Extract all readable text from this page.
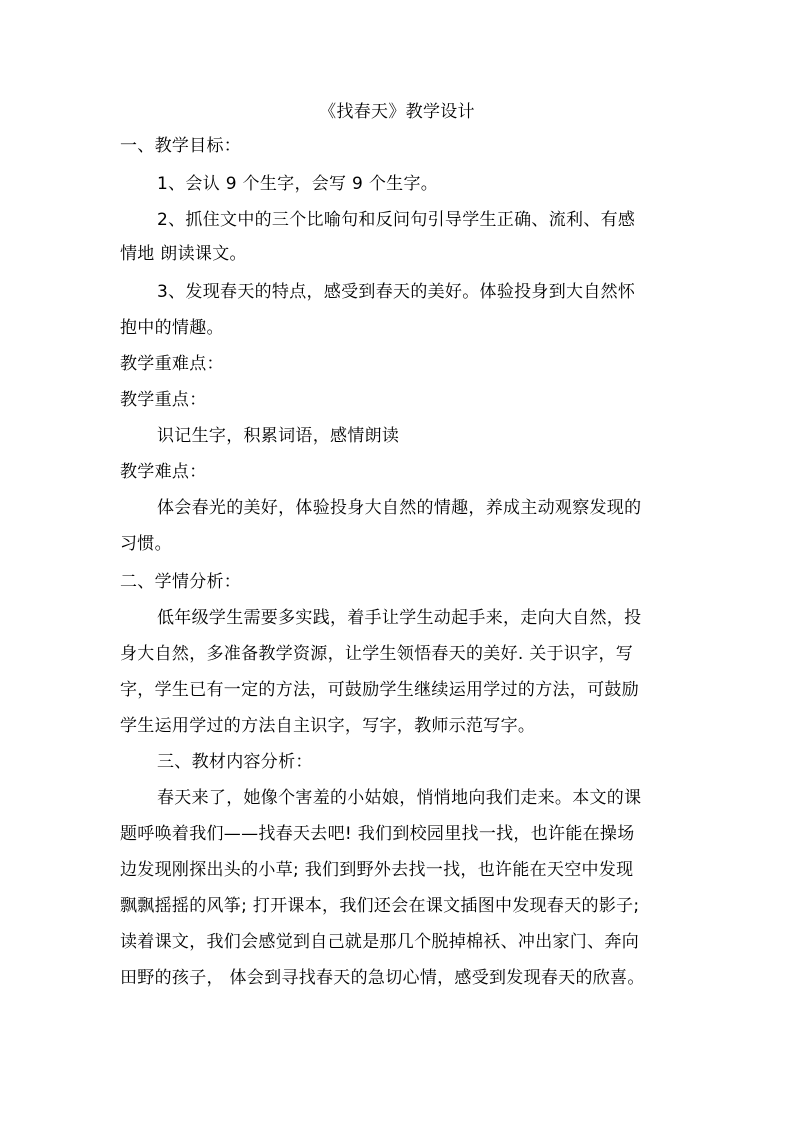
《找春天》教学设计
一、教学目标：
1、会认 9 个生字，会写 9 个生字。
2、抓住文中的三个比喻句和反问句引导学生正确、流利、有感
情地 朗读课文。
3、发现春天的特点，感受到春天的美好。体验投身到大自然怀
抱中的情趣。
教学重难点：
教学重点：
识记生字，积累词语，感情朗读
教学难点：
体会春光的美好，体验投身大自然的情趣，养成主动观察发现的
习惯。
二、学情分析：
低年级学生需要多实践，着手让学生动起手来，走向大自然，投
身大自然，多准备教学资源，让学生领悟春天的美好. 关于识字，写
字，学生已有一定的方法，可鼓励学生继续运用学过的方法，可鼓励
学生运用学过的方法自主识字，写字，教师示范写字。
三、教材内容分析：
春天来了，她像个害羞的小姑娘，悄悄地向我们走来。本文的课
题呼唤着我们——找春天去吧! 我们到校园里找一找，也许能在操场
边发现刚探出头的小草; 我们到野外去找一找，也许能在天空中发现
飘飘摇摇的风筝; 打开课本，我们还会在课文插图中发现春天的影子;
读着课文，我们会感觉到自己就是那几个脱掉棉袄、冲出家门、奔向
田野的孩子， 体会到寻找春天的急切心情，感受到发现春天的欣喜。
